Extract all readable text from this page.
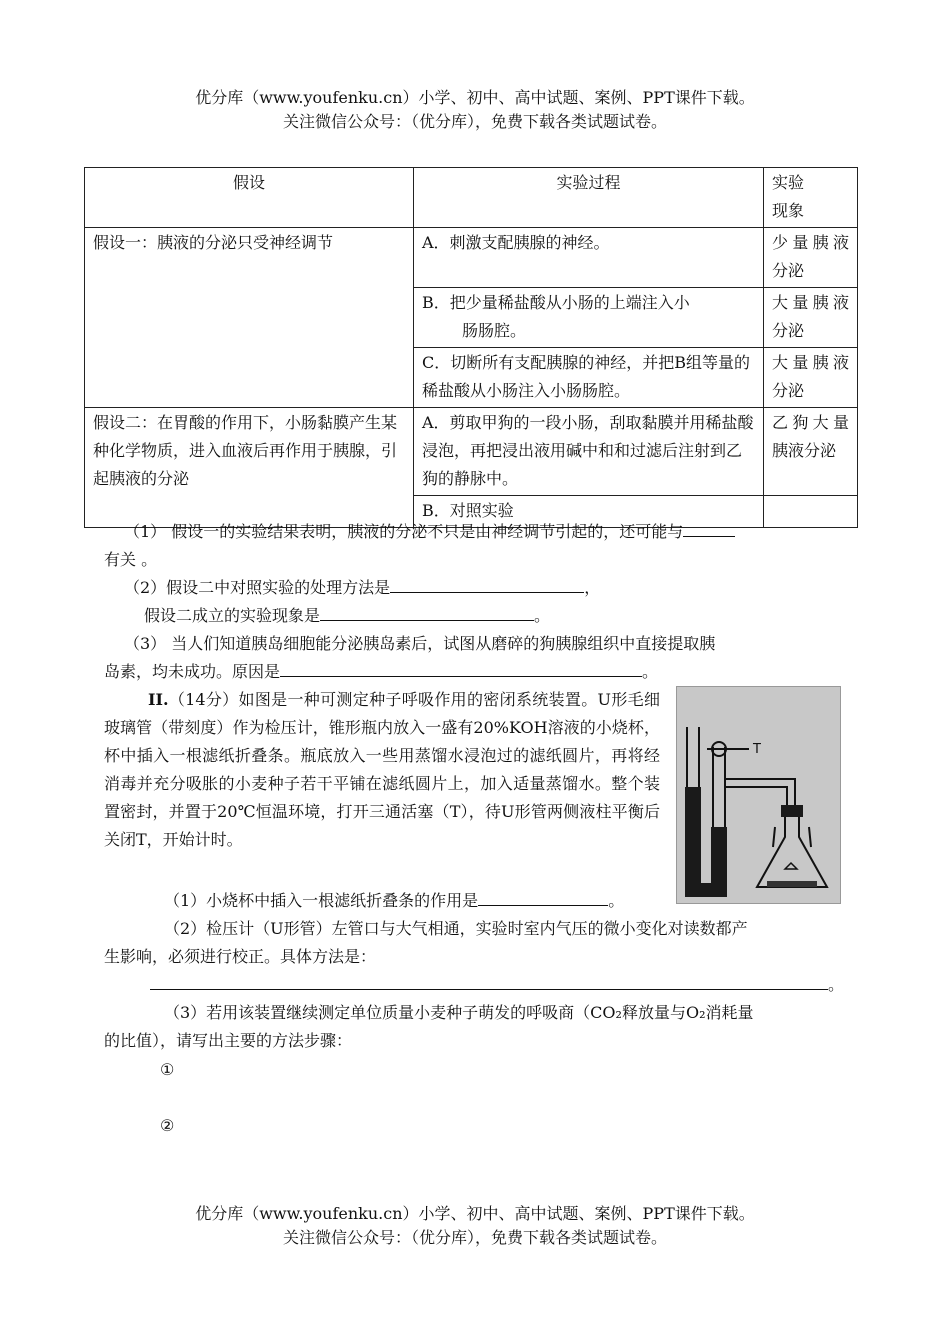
优分库（www.youfenku.cn）小学、初中、高中试题、案例、PPT课件下载。
关注微信公众号：（优分库），免费下载各类试题试卷。
假设	实验过程	实验
现象

假设一：胰液的分泌只受神经调节	A．刺激支配胰腺的神经。	少量胰液分泌
	B．把少量稀盐酸从小肠的上端注入小
肠肠腔。	大量胰液分泌
	C．切断所有支配胰腺的神经，并把B组等量的稀盐酸从小肠注入小肠肠腔。	大量胰液分泌
假设二：在胃酸的作用下，小肠黏膜产生某种化学物质，进入血液后再作用于胰腺，引起胰液的分泌	A．剪取甲狗的一段小肠，刮取黏膜并用稀盐酸浸泡，再把浸出液用碱中和和过滤后注射到乙狗的静脉中。	乙狗大量胰液分泌
	B．对照实验	
（1） 假设一的实验结果表明，胰液的分泌不只是由神经调节引起的，还可能与
有关 。
（2）假设二中对照实验的处理方法是	，
假设二成立的实验现象是	。
（3） 当人们知道胰岛细胞能分泌胰岛素后，试图从磨碎的狗胰腺组织中直接提取胰
岛素，均未成功。原因是	。
II.（14分）如图是一种可测定种子呼吸作用的密闭系统装置。U形毛细玻璃管（带刻度）作为检压计，锥形瓶内放入一盛有20%KOH溶液的小烧杯，杯中插入一根滤纸折叠条。瓶底放入一些用蒸馏水浸泡过的滤纸圆片，再将经消毒并充分吸胀的小麦种子若干平铺在滤纸圆片上，加入适量蒸馏水。整个装置密封，并置于20℃恒温环境，打开三通活塞（T），待U形管两侧液柱平衡后关闭T，开始计时。
T
（1）小烧杯中插入一根滤纸折叠条的作用是	。
（2）检压计（U形管）左管口与大气相通，实验时室内气压的微小变化对读数都产
生影响，必须进行校正。具体方法是：
。
（3）若用该装置继续测定单位质量小麦种子萌发的呼吸商（CO₂释放量与O₂消耗量
的比值），请写出主要的方法步骤：
①
②
优分库（www.youfenku.cn）小学、初中、高中试题、案例、PPT课件下载。
关注微信公众号：（优分库），免费下载各类试题试卷。
